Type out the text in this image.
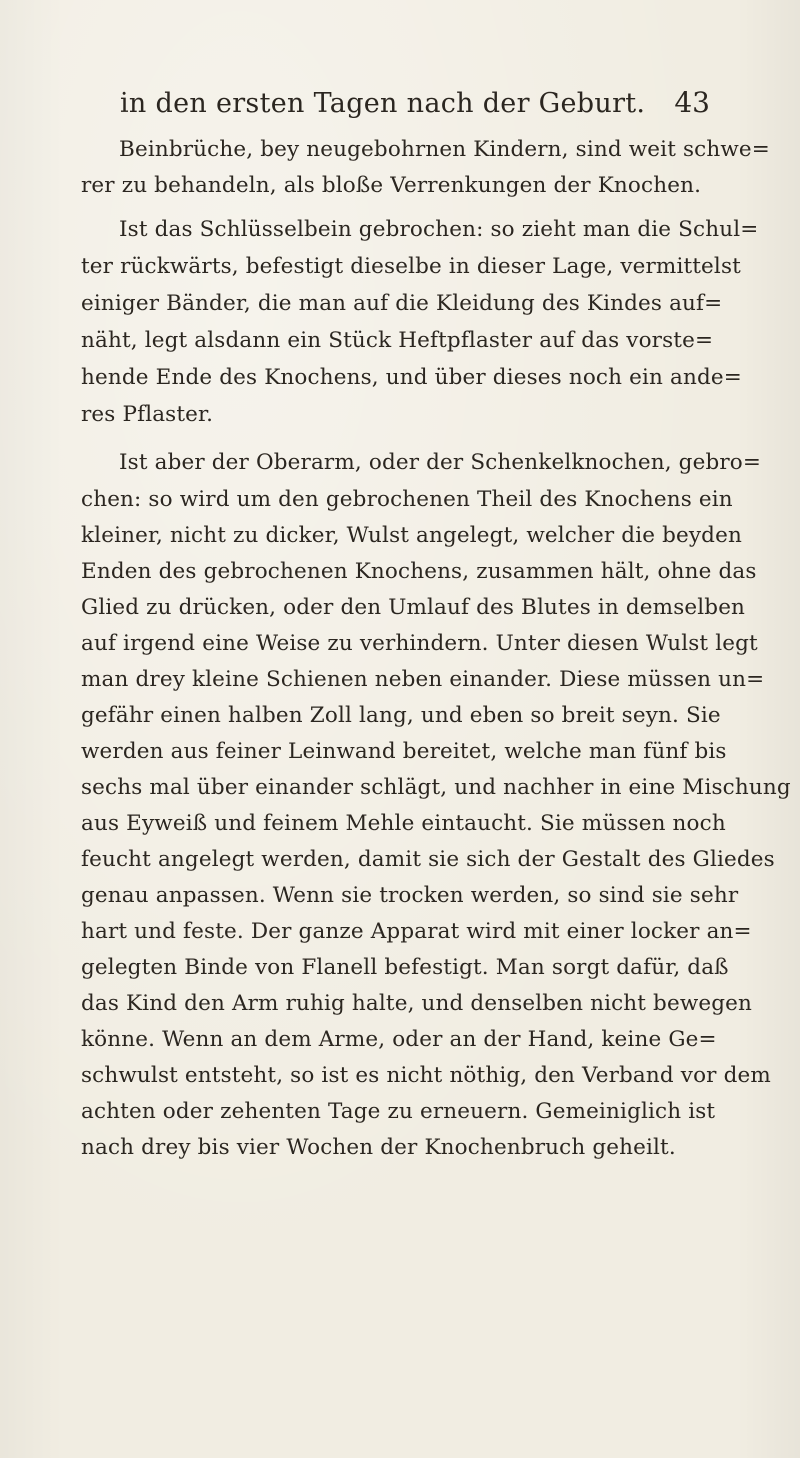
in den ersten Tagen nach der Geburt. 43
Beinbrüche, bey neugebohrnen Kindern, sind weit schwe=
rer zu behandeln, als bloße Verrenkungen der Knochen.
Ist das Schlüsselbein gebrochen: so zieht man die Schul=
ter rückwärts, befestigt dieselbe in dieser Lage, vermittelst
einiger Bänder, die man auf die Kleidung des Kindes auf=
näht, legt alsdann ein Stück Heftpflaster auf das vorste=
hende Ende des Knochens, und über dieses noch ein ande=
res Pflaster.
Ist aber der Oberarm, oder der Schenkelknochen, gebro=
chen: so wird um den gebrochenen Theil des Knochens ein
kleiner, nicht zu dicker, Wulst angelegt, welcher die beyden
Enden des gebrochenen Knochens, zusammen hält, ohne das
Glied zu drücken, oder den Umlauf des Blutes in demselben
auf irgend eine Weise zu verhindern. Unter diesen Wulst legt
man drey kleine Schienen neben einander. Diese müssen un=
gefähr einen halben Zoll lang, und eben so breit seyn. Sie
werden aus feiner Leinwand bereitet, welche man fünf bis
sechs mal über einander schlägt, und nachher in eine Mischung
aus Eyweiß und feinem Mehle eintaucht. Sie müssen noch
feucht angelegt werden, damit sie sich der Gestalt des Gliedes
genau anpassen. Wenn sie trocken werden, so sind sie sehr
hart und feste. Der ganze Apparat wird mit einer locker an=
gelegten Binde von Flanell befestigt. Man sorgt dafür, daß
das Kind den Arm ruhig halte, und denselben nicht bewegen
könne. Wenn an dem Arme, oder an der Hand, keine Ge=
schwulst entsteht, so ist es nicht nöthig, den Verband vor dem
achten oder zehenten Tage zu erneuern. Gemeiniglich ist
nach drey bis vier Wochen der Knochenbruch geheilt.
